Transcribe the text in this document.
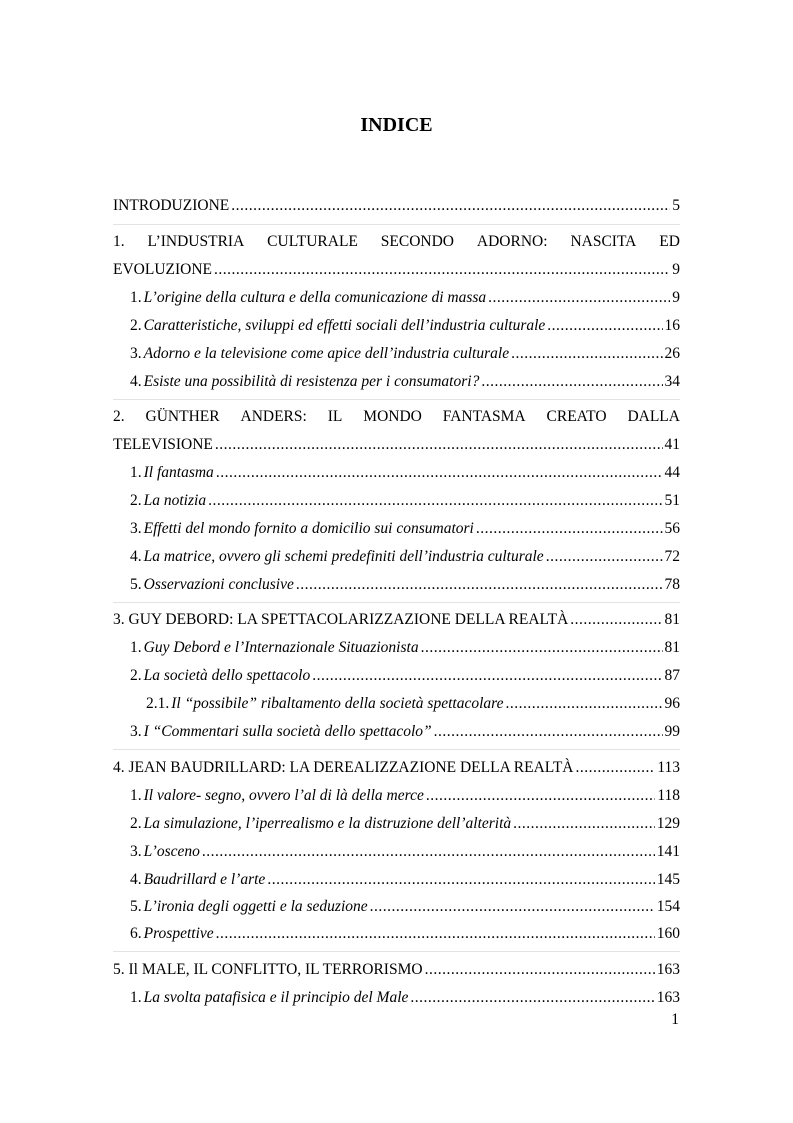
INDICE
INTRODUZIONE .....	5
1. L’INDUSTRIA CULTURALE SECONDO ADORNO: NASCITA ED
EVOLUZIONE .....	9
1. L’origine della cultura e della comunicazione di massa .....	9
2. Caratteristiche, sviluppi ed effetti sociali dell’industria culturale .....	16
3. Adorno e la televisione come apice dell’industria culturale .....	26
4. Esiste una possibilità di resistenza per i consumatori? .....	34
2. GÜNTHER ANDERS: IL MONDO FANTASMA CREATO DALLA
TELEVISIONE .....	41
1. Il fantasma .....	44
2. La notizia .....	51
3. Effetti del mondo fornito a domicilio sui consumatori .....	56
4. La matrice, ovvero gli schemi predefiniti dell’industria culturale .....	72
5. Osservazioni conclusive .....	78
3. GUY DEBORD: LA SPETTACOLARIZZAZIONE DELLA REALTÀ .....	81
1. Guy Debord e l’Internazionale Situazionista .....	81
2. La società dello spettacolo .....	87
2.1. Il “possibile” ribaltamento della società spettacolare .....	96
3. I “Commentari sulla società dello spettacolo” .....	99
4. JEAN BAUDRILLARD: LA DEREALIZZAZIONE DELLA REALTÀ .....	113
1. Il valore- segno, ovvero l’al di là della merce .....	118
2. La simulazione, l’iperrealismo e la distruzione dell’alterità .....	129
3. L’osceno .....	141
4. Baudrillard e l’arte .....	145
5. L’ironia degli oggetti e la seduzione .....	154
6. Prospettive .....	160
5. Il MALE, IL CONFLITTO, IL TERRORISMO .....	163
1. La svolta patafisica e il principio del Male .....	163
1
